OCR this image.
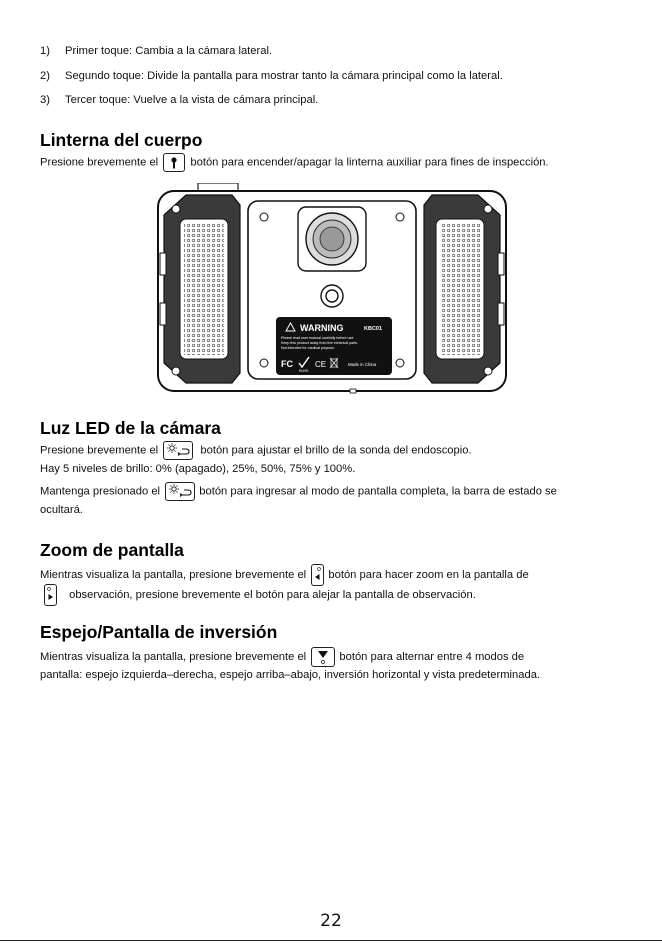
1)	Primer toque: Cambia a la cámara lateral.
2)	Segundo toque: Divide la pantalla para mostrar tanto la cámara principal como la lateral.
3)	Tercer toque: Vuelve a la vista de cámara principal.
Linterna del cuerpo
Presione brevemente el	botón para encender/apagar la linterna auxiliar para fines de inspección.
WARNING	KBC01
Please read user manual carefully before use.
Keep this product away from live electrical parts.
Not intended for medical purpose.
FC
RoHS
CE	Made in China
Luz LED de la cámara
Presione brevemente el	botón para ajustar el brillo de la sonda del endoscopio.
Hay 5 niveles de brillo: 0% (apagado), 25%, 50%, 75% y 100%.
Mantenga presionado el	botón para ingresar al modo de pantalla completa, la barra de estado se
ocultará.
Zoom de pantalla
Mientras visualiza la pantalla, presione brevemente el botón para hacer zoom en la pantalla de
observación, presione brevemente el botón para alejar la pantalla de observación.
Espejo/Pantalla de inversión
Mientras visualiza la pantalla, presione brevemente el	botón para alternar entre 4 modos de
pantalla: espejo izquierda–derecha, espejo arriba–abajo, inversión horizontal y vista predeterminada.
22
